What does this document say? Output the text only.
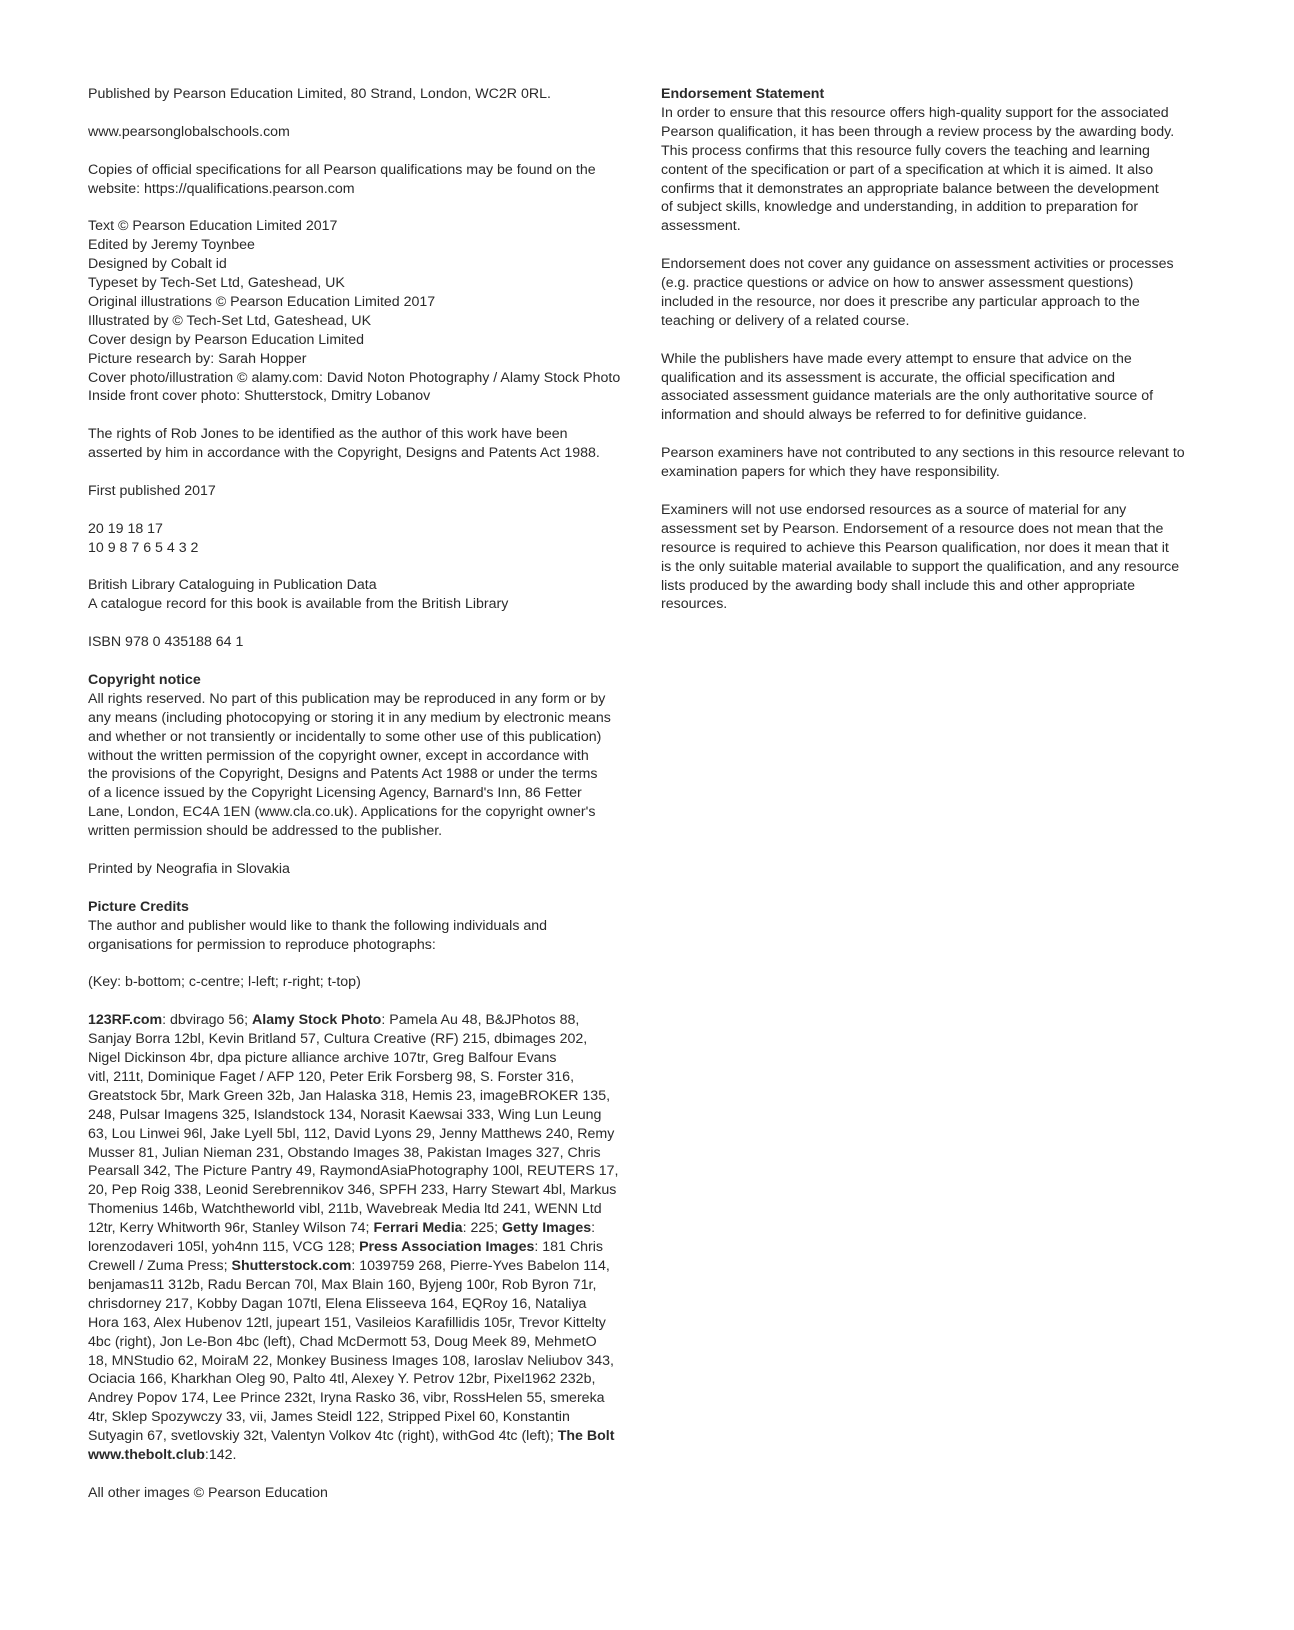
Published by Pearson Education Limited, 80 Strand, London, WC2R 0RL.

www.pearsonglobalschools.com

Copies of official specifications for all Pearson qualifications may be found on the
website: https://qualifications.pearson.com

Text © Pearson Education Limited 2017
Edited by Jeremy Toynbee
Designed by Cobalt id
Typeset by Tech-Set Ltd, Gateshead, UK
Original illustrations © Pearson Education Limited 2017
Illustrated by © Tech-Set Ltd, Gateshead, UK
Cover design by Pearson Education Limited
Picture research by: Sarah Hopper
Cover photo/illustration © alamy.com: David Noton Photography / Alamy Stock Photo
Inside front cover photo: Shutterstock, Dmitry Lobanov

The rights of Rob Jones to be identified as the author of this work have been
asserted by him in accordance with the Copyright, Designs and Patents Act 1988.

First published 2017

20 19 18 17
10 9 8 7 6 5 4 3 2

British Library Cataloguing in Publication Data
A catalogue record for this book is available from the British Library

ISBN 978 0 435188 64 1

Copyright notice
All rights reserved. No part of this publication may be reproduced in any form or by
any means (including photocopying or storing it in any medium by electronic means
and whether or not transiently or incidentally to some other use of this publication)
without the written permission of the copyright owner, except in accordance with
the provisions of the Copyright, Designs and Patents Act 1988 or under the terms
of a licence issued by the Copyright Licensing Agency, Barnard's Inn, 86 Fetter
Lane, London, EC4A 1EN (www.cla.co.uk). Applications for the copyright owner's
written permission should be addressed to the publisher.

Printed by Neografia in Slovakia

Picture Credits
The author and publisher would like to thank the following individuals and
organisations for permission to reproduce photographs:

(Key: b-bottom; c-centre; l-left; r-right; t-top)

123RF.com: dbvirago 56; Alamy Stock Photo: Pamela Au 48, B&JPhotos 88,
Sanjay Borra 12bl, Kevin Britland 57, Cultura Creative (RF) 215, dbimages 202,
Nigel Dickinson 4br, dpa picture alliance archive 107tr, Greg Balfour Evans
vitl, 211t, Dominique Faget / AFP 120, Peter Erik Forsberg 98, S. Forster 316,
Greatstock 5br, Mark Green 32b, Jan Halaska 318, Hemis 23, imageBROKER 135,
248, Pulsar Imagens 325, Islandstock 134, Norasit Kaewsai 333, Wing Lun Leung
63, Lou Linwei 96l, Jake Lyell 5bl, 112, David Lyons 29, Jenny Matthews 240, Remy
Musser 81, Julian Nieman 231, Obstando Images 38, Pakistan Images 327, Chris
Pearsall 342, The Picture Pantry 49, RaymondAsiaPhotography 100l, REUTERS 17,
20, Pep Roig 338, Leonid Serebrennikov 346, SPFH 233, Harry Stewart 4bl, Markus
Thomenius 146b, Watchtheworld vibl, 211b, Wavebreak Media ltd 241, WENN Ltd
12tr, Kerry Whitworth 96r, Stanley Wilson 74; Ferrari Media: 225; Getty Images:
lorenzodaveri 105l, yoh4nn 115, VCG 128; Press Association Images: 181 Chris
Crewell / Zuma Press; Shutterstock.com: 1039759 268, Pierre-Yves Babelon 114,
benjamas11 312b, Radu Bercan 70l, Max Blain 160, Byjeng 100r, Rob Byron 71r,
chrisdorney 217, Kobby Dagan 107tl, Elena Elisseeva 164, EQRoy 16, Nataliya
Hora 163, Alex Hubenov 12tl, jupeart 151, Vasileios Karafillidis 105r, Trevor Kittelty
4bc (right), Jon Le-Bon 4bc (left), Chad McDermott 53, Doug Meek 89, MehmetO
18, MNStudio 62, MoiraM 22, Monkey Business Images 108, Iaroslav Neliubov 343,
Ociacia 166, Kharkhan Oleg 90, Palto 4tl, Alexey Y. Petrov 12br, Pixel1962 232b,
Andrey Popov 174, Lee Prince 232t, Iryna Rasko 36, vibr, RossHelen 55, smereka
4tr, Sklep Spozywczy 33, vii, James Steidl 122, Stripped Pixel 60, Konstantin
Sutyagin 67, svetlovskiy 32t, Valentyn Volkov 4tc (right), withGod 4tc (left); The Bolt
www.thebolt.club:142.

All other images © Pearson Education

Endorsement Statement
In order to ensure that this resource offers high-quality support for the associated
Pearson qualification, it has been through a review process by the awarding body.
This process confirms that this resource fully covers the teaching and learning
content of the specification or part of a specification at which it is aimed. It also
confirms that it demonstrates an appropriate balance between the development
of subject skills, knowledge and understanding, in addition to preparation for
assessment.

Endorsement does not cover any guidance on assessment activities or processes
(e.g. practice questions or advice on how to answer assessment questions)
included in the resource, nor does it prescribe any particular approach to the
teaching or delivery of a related course.

While the publishers have made every attempt to ensure that advice on the
qualification and its assessment is accurate, the official specification and
associated assessment guidance materials are the only authoritative source of
information and should always be referred to for definitive guidance.

Pearson examiners have not contributed to any sections in this resource relevant to
examination papers for which they have responsibility.

Examiners will not use endorsed resources as a source of material for any
assessment set by Pearson. Endorsement of a resource does not mean that the
resource is required to achieve this Pearson qualification, nor does it mean that it
is the only suitable material available to support the qualification, and any resource
lists produced by the awarding body shall include this and other appropriate
resources.
